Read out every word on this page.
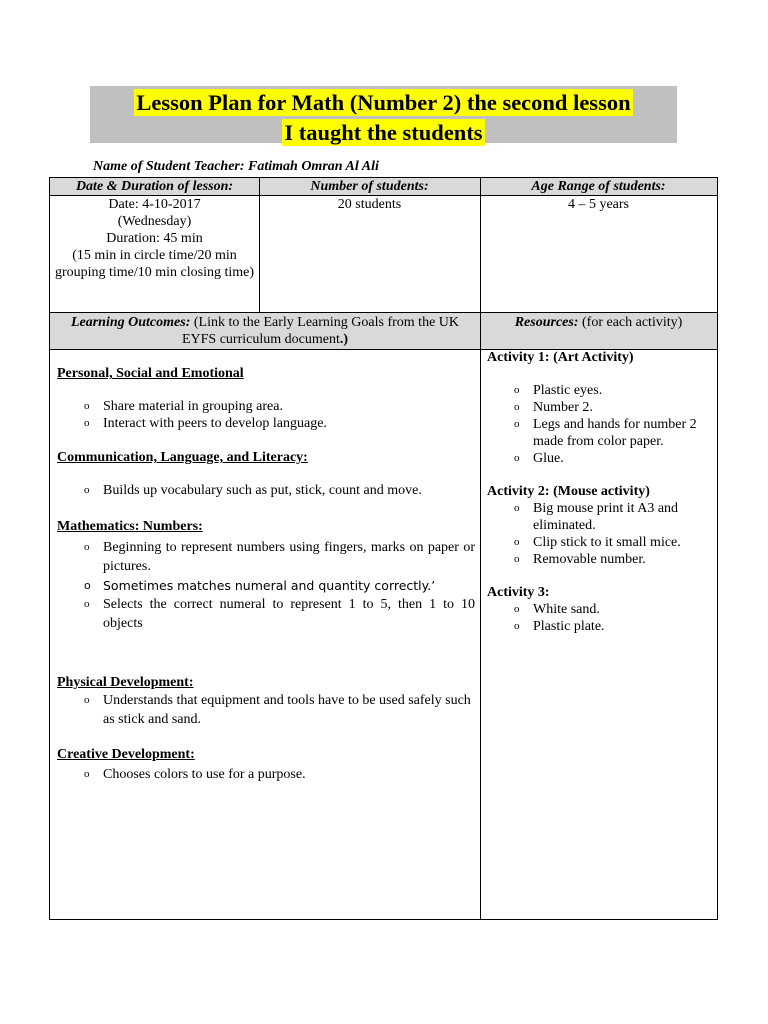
Lesson Plan for Math (Number 2) the second lesson
I taught the students
Name of Student Teacher: Fatimah Omran Al Ali
Date & Duration of lesson:	Number of students:	Age Range of students:
Date: 4-10-2017
(Wednesday)
Duration: 45 min
(15 min in circle time/20 min grouping time/10 min closing time)
20 students	4 – 5 years
Learning Outcomes: (Link to the Early Learning Goals from the UK EYFS curriculum document.)
Resources: (for each activity)

Personal, Social and Emotional

o Share material in grouping area.
o Interact with peers to develop language.

Communication, Language, and Literacy:

o Builds up vocabulary such as put, stick, count and move.

Mathematics: Numbers:

o Beginning to represent numbers using fingers, marks on paper or pictures.
o Sometimes matches numeral and quantity correctly.’
o Selects the correct numeral to represent 1 to 5, then 1 to 10 objects

Physical Development:

o Understands that equipment and tools have to be used safely such as stick and sand.

Creative Development:

o Chooses colors to use for a purpose.

Activity 1: (Art Activity)

o Plastic eyes.
o Number 2.
o Legs and hands for number 2 made from color paper.
o Glue.

Activity 2: (Mouse activity)

o Big mouse print it A3 and eliminated.
o Clip stick to it small mice.
o Removable number.

Activity 3:

o White sand.
o Plastic plate.
